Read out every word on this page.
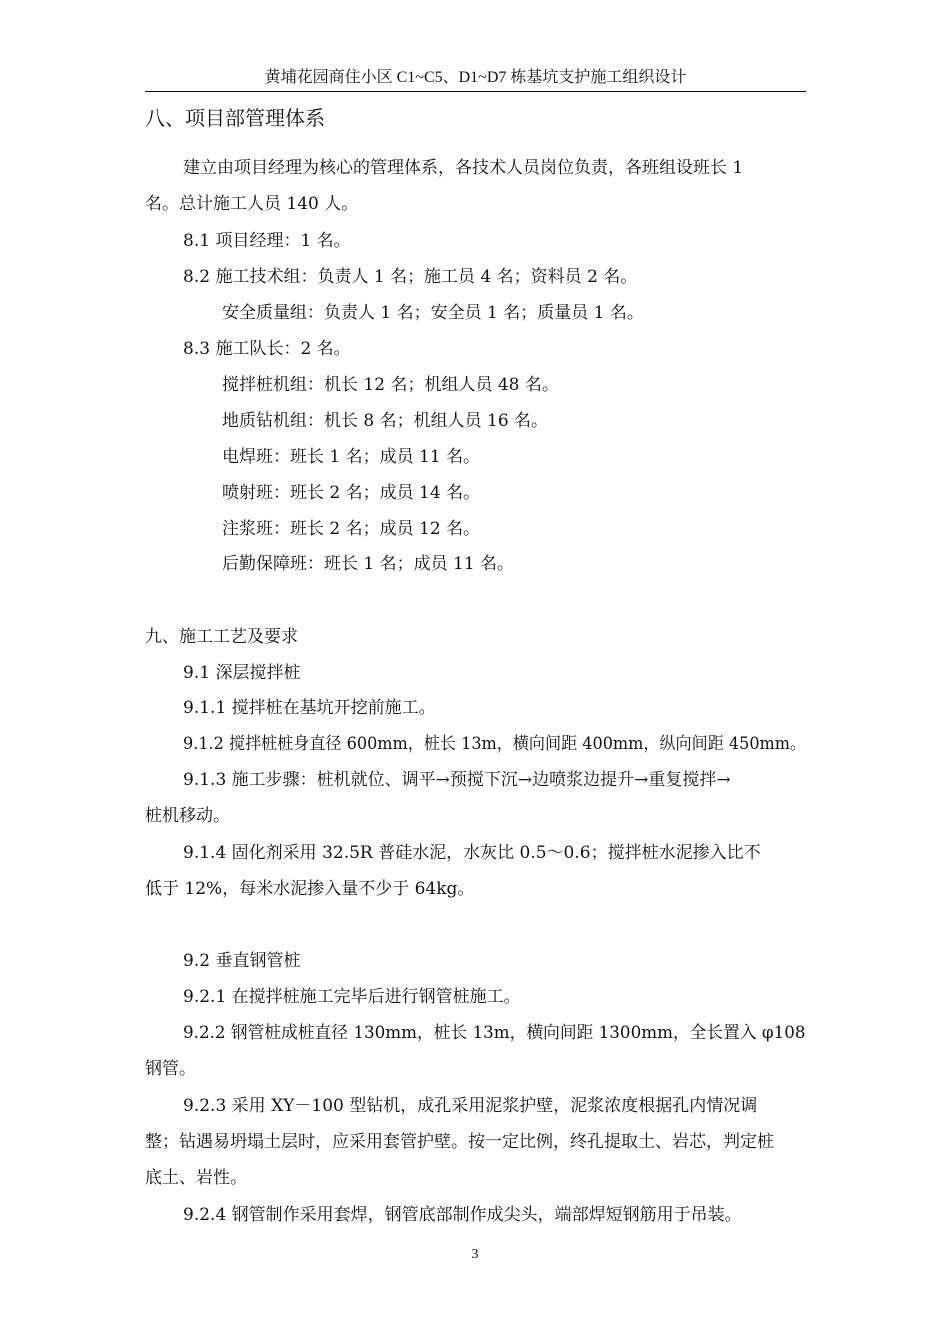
黄埔花园商住小区 C1~C5、D1~D7 栋基坑支护施工组织设计
八、项目部管理体系
建立由项目经理为核心的管理体系，各技术人员岗位负责，各班组设班长 1
名。总计施工人员 140 人。
8.1 项目经理：1 名。
8.2 施工技术组：负责人 1 名；施工员 4 名；资料员 2 名。
安全质量组：负责人 1 名；安全员 1 名；质量员 1 名。
8.3 施工队长：2 名。
搅拌桩机组：机长 12 名；机组人员 48 名。
地质钻机组：机长 8 名；机组人员 16 名。
电焊班：班长 1 名；成员 11 名。
喷射班：班长 2 名；成员 14 名。
注浆班：班长 2 名；成员 12 名。
后勤保障班：班长 1 名；成员 11 名。
九、施工工艺及要求
9.1 深层搅拌桩
9.1.1 搅拌桩在基坑开挖前施工。
9.1.2 搅拌桩桩身直径 600mm，桩长 13m，横向间距 400mm，纵向间距 450mm。
9.1.3 施工步骤：桩机就位、调平→预搅下沉→边喷浆边提升→重复搅拌→
桩机移动。
9.1.4 固化剂采用 32.5R 普硅水泥，水灰比 0.5～0.6；搅拌桩水泥掺入比不
低于 12%，每米水泥掺入量不少于 64kg。
9.2 垂直钢管桩
9.2.1 在搅拌桩施工完毕后进行钢管桩施工。
9.2.2 钢管桩成桩直径 130mm，桩长 13m，横向间距 1300mm，全长置入 φ108
钢管。
9.2.3 采用 XY－100 型钻机，成孔采用泥浆护壁，泥浆浓度根据孔内情况调
整；钻遇易坍塌土层时，应采用套管护壁。按一定比例，终孔提取土、岩芯，判定桩
底土、岩性。
9.2.4 钢管制作采用套焊，钢管底部制作成尖头，端部焊短钢筋用于吊装。
3
